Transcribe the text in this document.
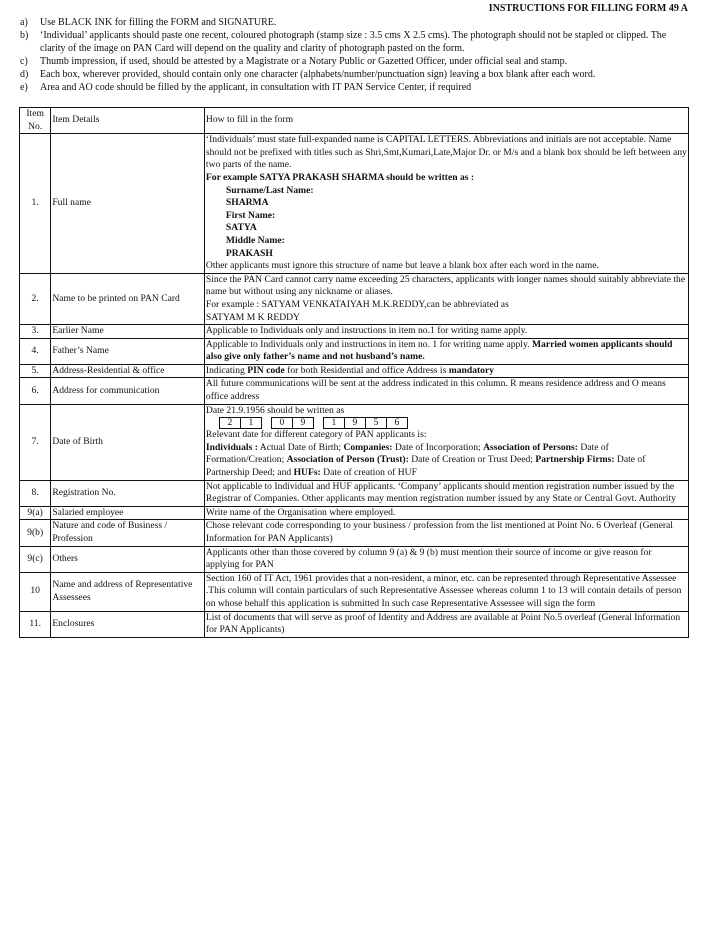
INSTRUCTIONS FOR FILLING FORM 49 A
a)	Use BLACK INK for filling the FORM and SIGNATURE.
b)	‘Individual’ applicants should paste one recent, coloured photograph (stamp size : 3.5 cms X 2.5 cms). The photograph should not be stapled or clipped. The clarity of the image on PAN Card will depend on the quality and clarity of photograph pasted on the form.
c)	Thumb impression, if used, should be attested by a Magistrate or a Notary Public or Gazetted Officer, under official seal and stamp.
d)	Each box, wherever provided, should contain only one character (alphabets/number/punctuation sign) leaving a box blank after each word.
e)	Area and AO code should be filled by the applicant, in consultation with IT PAN Service Center, if required
Item No.	Item Details	How to fill in the form
1.	Full name	‘Individuals’ must state full-expanded name is CAPITAL LETTERS. Abbreviations and initials are not acceptable. Name should not be prefixed with titles such as Shri,Smt,Kumari,Late,Major Dr. or M/s and a blank box should be left between any two parts of the name.
For example SATYA PRAKASH SHARMA should be written as :
Surname/Last Name:
SHARMA
First Name:
SATYA
Middle Name:
PRAKASH
Other applicants must ignore this structure of name but leave a blank box after each word in the name.
2.	Name to be printed on PAN Card	Since the PAN Card cannot carry name exceeding 25 characters, applicants with longer names should suitably abbreviate the name but without using any nickname or aliases.
For example : SATYAM VENKATAIYAH M.K.REDDY,can be abbreviated as
SATYAM M K REDDY
3.	Earlier Name	Applicable to Individuals only and instructions in item no.1 for writing name apply.
4.	Father’s Name	Applicable to Individuals only and instructions in item no. 1 for writing name apply. Married women applicants should also give only father’s name and not husband’s name.
5.	Address-Residential & office	Indicating PIN code for both Residential and office Address is mandatory
6.	Address for communication	All future communications will be sent at the address indicated in this column. R means residence address and O means office address
7.	Date of Birth	Date 21.9.1956 should be written as
2	1		0	9		1	9	5	6
Relevant date for different category of PAN applicants is:
Individuals : Actual Date of Birth; Companies: Date of Incorporation; Association of Persons: Date of Formation/Creation; Association of Person (Trust): Date of Creation or Trust Deed; Partnership Firms: Date of Partnership Deed; and HUFs: Date of creation of HUF
8.	Registration No.	Not applicable to Individual and HUF applicants. ‘Company’ applicants should mention registration number issued by the Registrar of Companies. Other applicants may mention registration number issued by any State or Central Govt. Authority
9(a)	Salaried employee	Write name of the Organisation where employed.
9(b)	Nature and code of Business / Profession	Chose relevant code corresponding to your business / profession from the list mentioned at Point No. 6 Overleaf (General Information for PAN Applicants)
9(c)	Others	Applicants other than those covered by column 9 (a) & 9 (b) must mention their source of income or give reason for applying for PAN
10	Name and address of Representative Assessees	Section 160 of IT Act, 1961 provides that a non-resident, a minor, etc. can be represented through Representative Assessee .This column will contain particulars of such Representative Assessee whereas column 1 to 13 will contain details of person on whose behalf this application is submitted In such case Representative Assessee will sign the form
11.	Enclosures	List of documents that will serve as proof of Identity and Address are available at Point No.5 overleaf (General Information for PAN Applicants)
